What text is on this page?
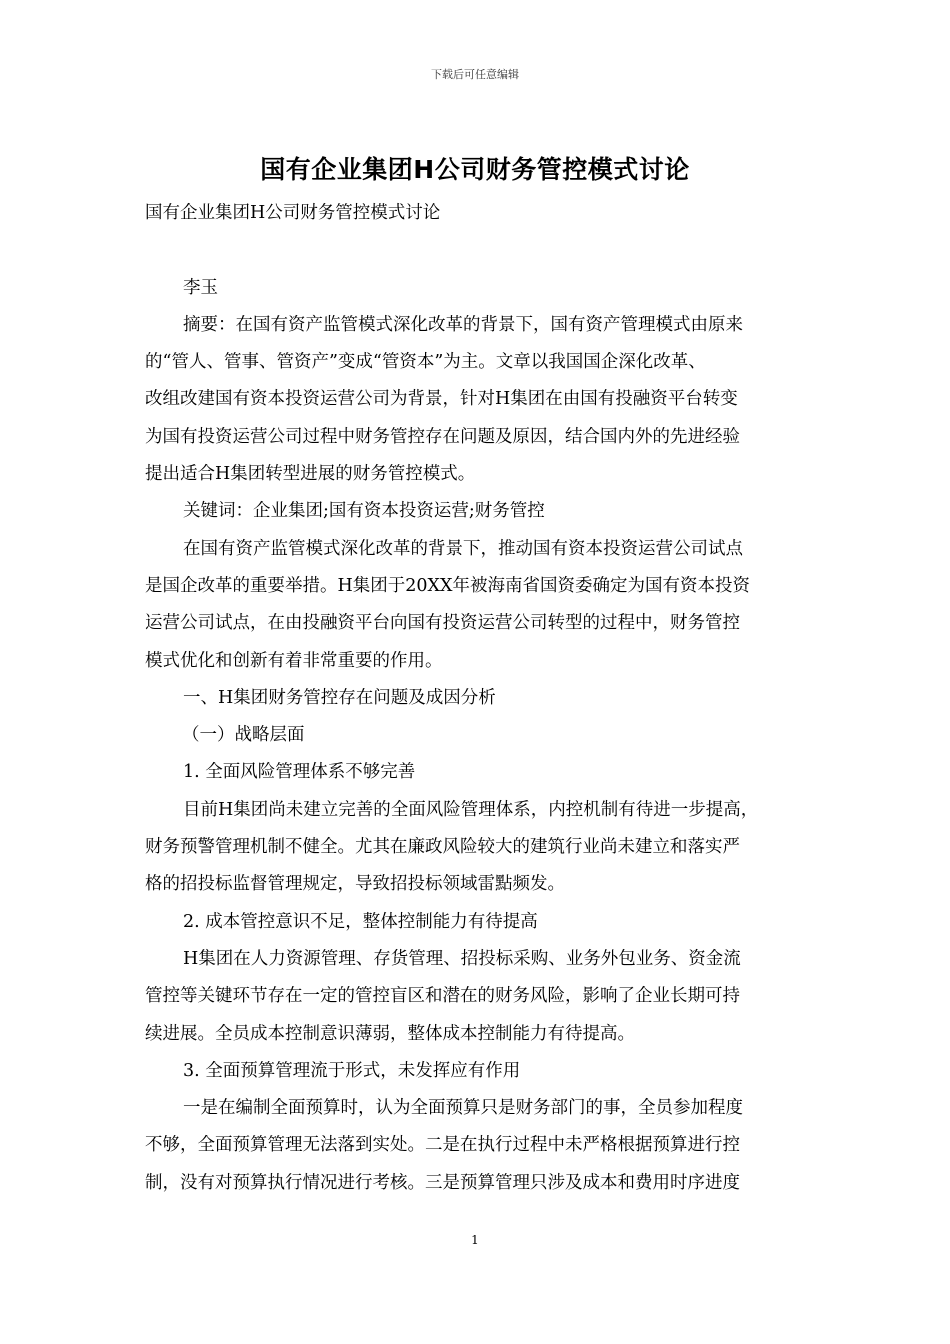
下载后可任意编辑
国有企业集团H公司财务管控模式讨论
国有企业集团H公司财务管控模式讨论
李玉
摘要：在国有资产监管模式深化改革的背景下，国有资产管理模式由原来
的“管人、管事、管资产”变成“管资本”为主。文章以我国国企深化改革、
改组改建国有资本投资运营公司为背景，针对H集团在由国有投融资平台转变
为国有投资运营公司过程中财务管控存在问题及原因，结合国内外的先进经验
提出适合H集团转型进展的财务管控模式。
关键词：企业集团;国有资本投资运营;财务管控
在国有资产监管模式深化改革的背景下，推动国有资本投资运营公司试点
是国企改革的重要举措。H集团于20XX年被海南省国资委确定为国有资本投资
运营公司试点，在由投融资平台向国有投资运营公司转型的过程中，财务管控
模式优化和创新有着非常重要的作用。
一、H集团财务管控存在问题及成因分析
（一）战略层面
1. 全面风险管理体系不够完善
目前H集团尚未建立完善的全面风险管理体系，内控机制有待进一步提高，
财务预警管理机制不健全。尤其在廉政风险较大的建筑行业尚未建立和落实严
格的招投标监督管理规定，导致招投标领域雷點频发。
2. 成本管控意识不足，整体控制能力有待提高
H集团在人力资源管理、存货管理、招投标采购、业务外包业务、资金流
管控等关键环节存在一定的管控盲区和潜在的财务风险，影响了企业长期可持
续进展。全员成本控制意识薄弱，整体成本控制能力有待提高。
3. 全面预算管理流于形式，未发挥应有作用
一是在编制全面预算时，认为全面预算只是财务部门的事，全员参加程度
不够，全面预算管理无法落到实处。二是在执行过程中未严格根据预算进行控
制，没有对预算执行情况进行考核。三是预算管理只涉及成本和费用时序进度
1
